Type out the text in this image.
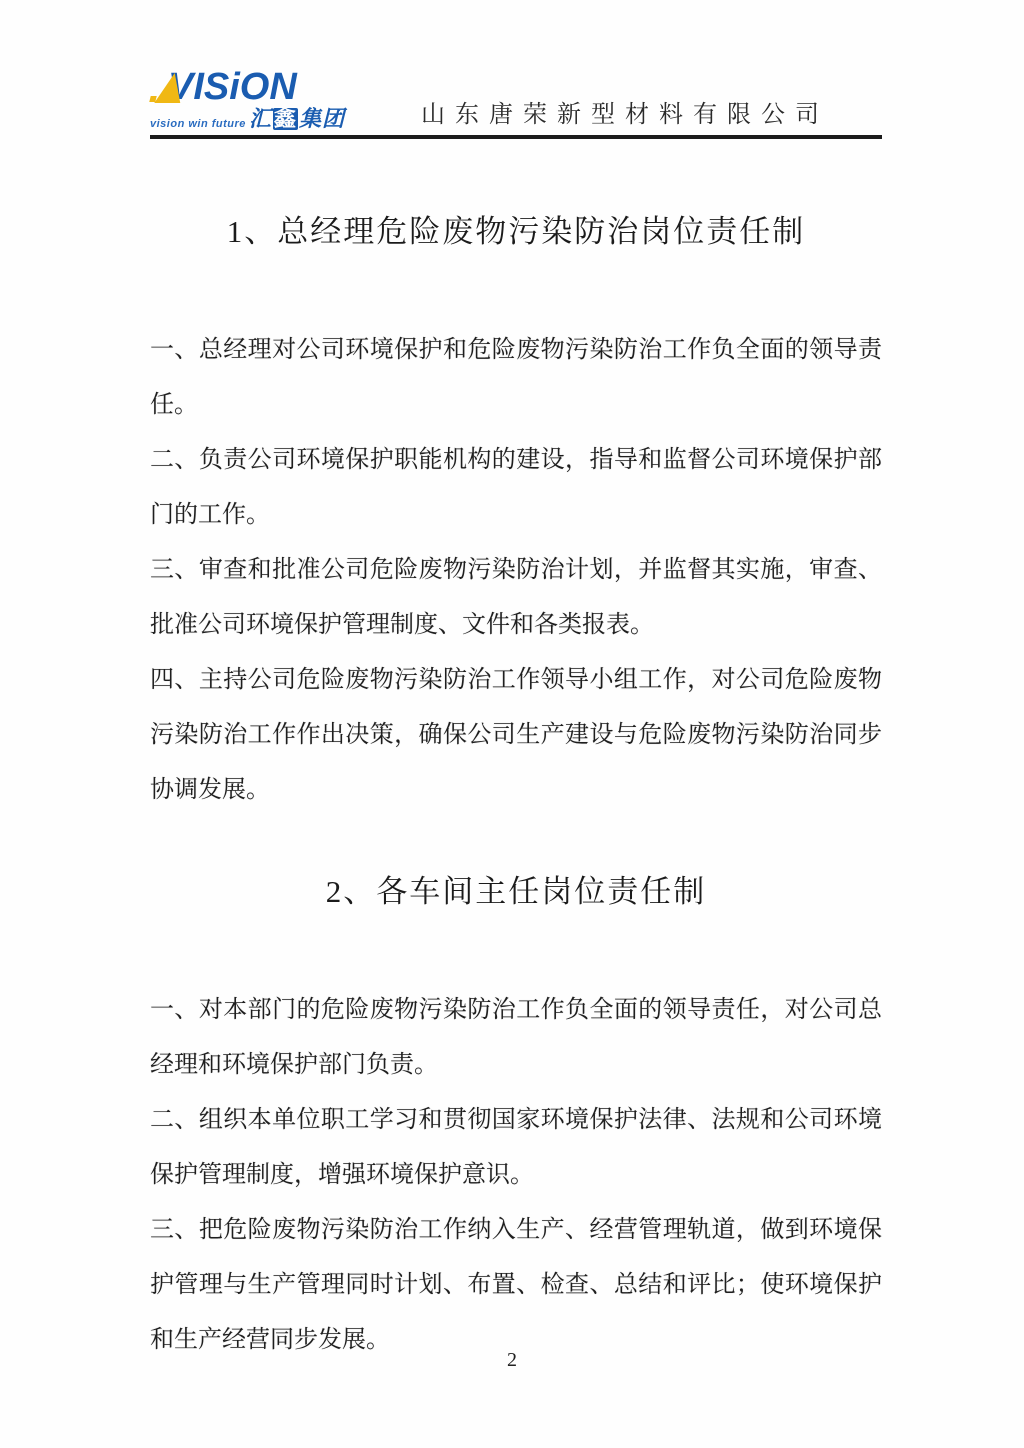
VISiON
vision win future 汇 鑫 集 团	山东唐荣新型材料有限公司
1、总经理危险废物污染防治岗位责任制

一、总经理对公司环境保护和危险废物污染防治工作负全面的领导责任。

二、负责公司环境保护职能机构的建设，指导和监督公司环境保护部门的工作。

三、审查和批准公司危险废物污染防治计划，并监督其实施，审查、批准公司环境保护管理制度、文件和各类报表。

四、主持公司危险废物污染防治工作领导小组工作，对公司危险废物污染防治工作作出决策，确保公司生产建设与危险废物污染防治同步协调发展。

2、各车间主任岗位责任制

一、对本部门的危险废物污染防治工作负全面的领导责任，对公司总经理和环境保护部门负责。

二、组织本单位职工学习和贯彻国家环境保护法律、法规和公司环境保护管理制度，增强环境保护意识。

三、把危险废物污染防治工作纳入生产、经营管理轨道，做到环境保护管理与生产管理同时计划、布置、检查、总结和评比；使环境保护和生产经营同步发展。

2
